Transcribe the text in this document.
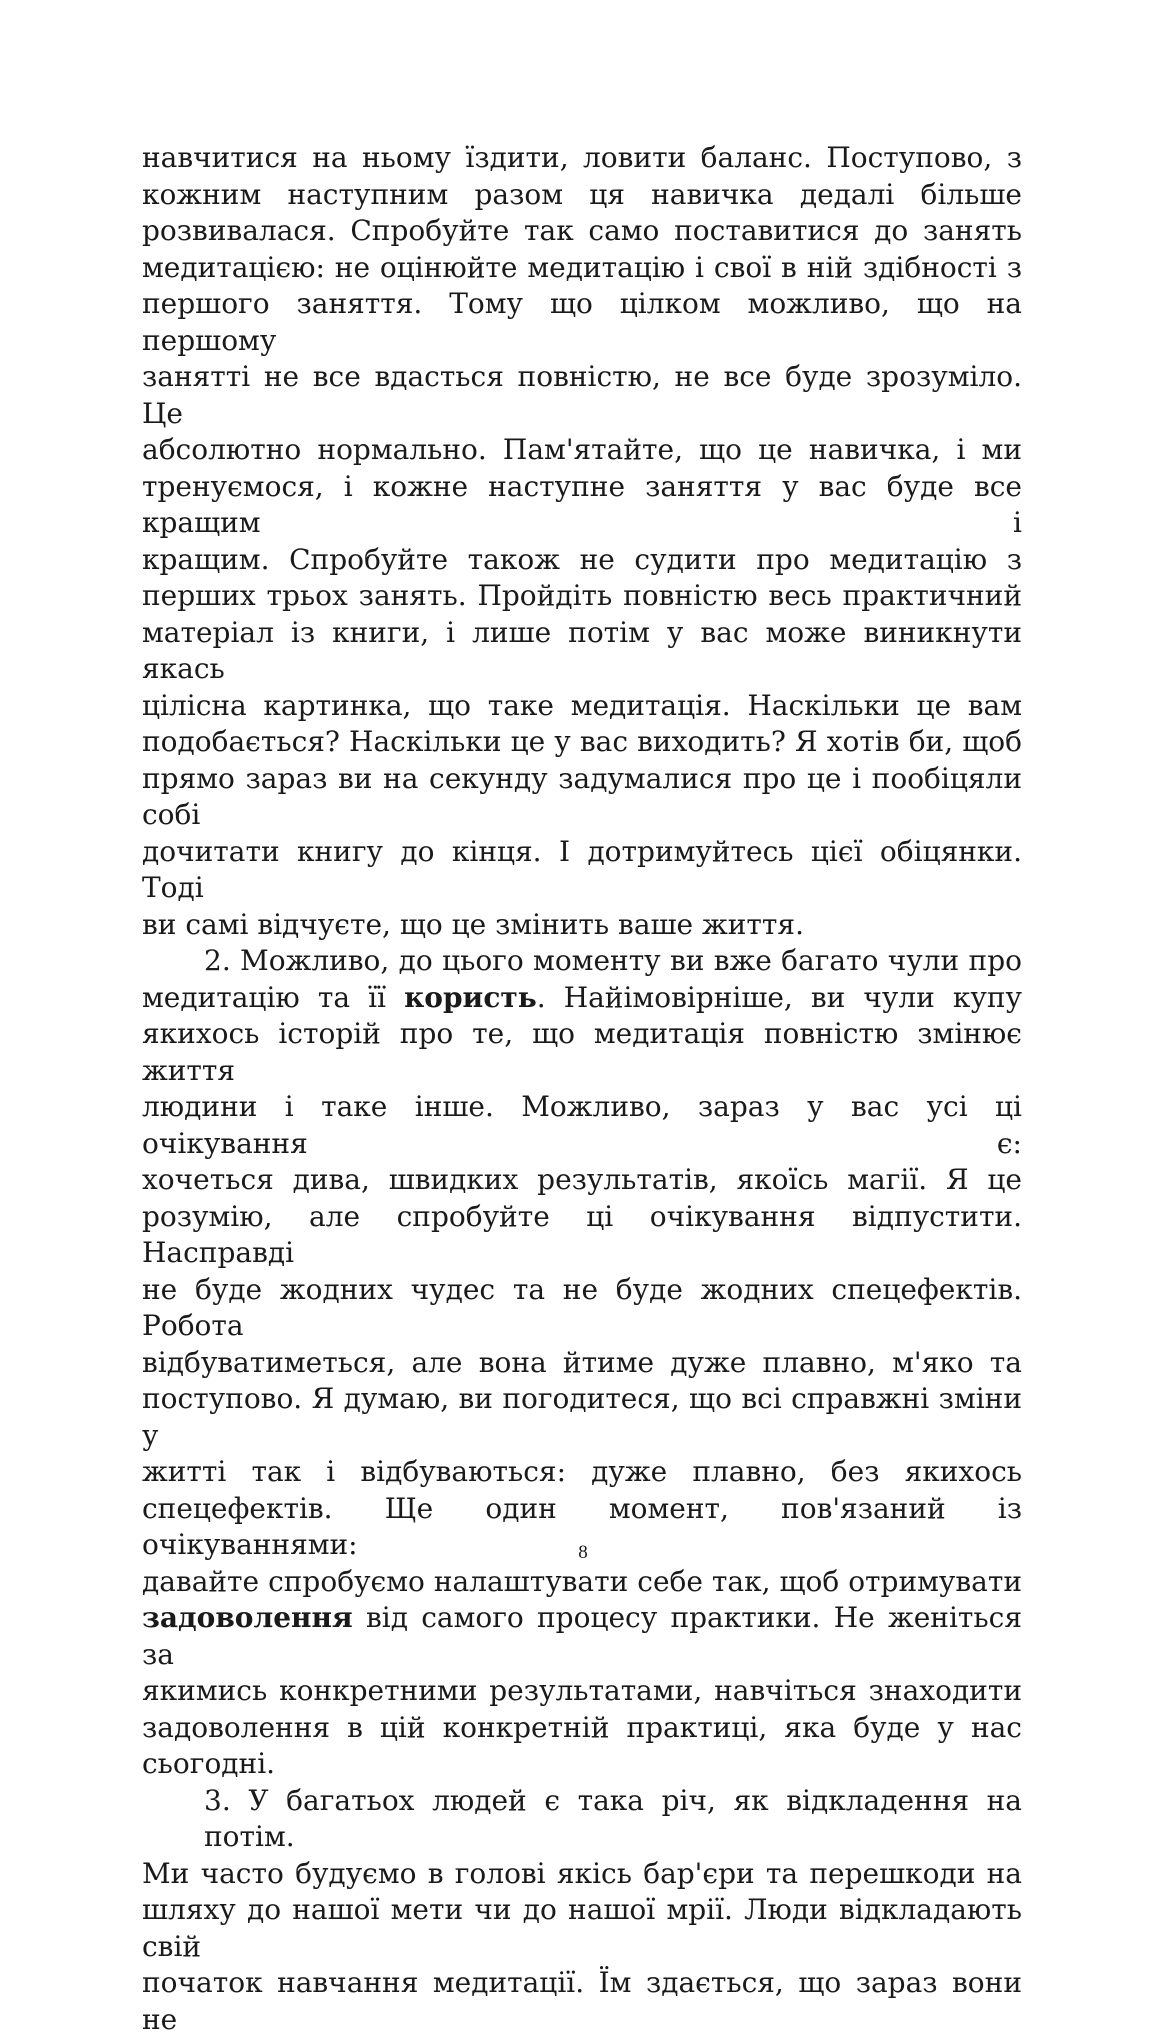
навчитися на ньому їздити, ловити баланс. Поступово, з
кожним наступним разом ця навичка дедалі більше
розвивалася. Спробуйте так само поставитися до занять
медитацією: не оцінюйте медитацію і свої в ній здібності з
першого заняття. Тому що цілком можливо, що на першому
занятті не все вдасться повністю, не все буде зрозуміло. Це
абсолютно нормально. Пам'ятайте, що це навичка, і ми
тренуємося, і кожне наступне заняття у вас буде все кращим і
кращим. Спробуйте також не судити про медитацію з
перших трьох занять. Пройдіть повністю весь практичний
матеріал із книги, і лише потім у вас може виникнути якась
цілісна картинка, що таке медитація. Наскільки це вам
подобається? Наскільки це у вас виходить? Я хотів би, щоб
прямо зараз ви на секунду задумалися про це і пообіцяли собі
дочитати книгу до кінця. І дотримуйтесь цієї обіцянки. Тоді
ви самі відчуєте, що це змінить ваше життя.

2. Можливо, до цього моменту ви вже багато чули про
медитацію та її користь. Найімовірніше, ви чули купу
якихось історій про те, що медитація повністю змінює життя
людини і таке інше. Можливо, зараз у вас усі ці очікування є:
хочеться дива, швидких результатів, якоїсь магії. Я це
розумію, але спробуйте ці очікування відпустити. Насправді
не буде жодних чудес та не буде жодних спецефектів. Робота
відбуватиметься, але вона йтиме дуже плавно, м'яко та
поступово. Я думаю, ви погодитеся, що всі справжні зміни у
житті так і відбуваються: дуже плавно, без якихось
спецефектів. Ще один момент, пов'язаний із очікуваннями:
давайте спробуємо налаштувати себе так, щоб отримувати
задоволення від самого процесу практики. Не женіться за
якимись конкретними результатами, навчіться знаходити
задоволення в цій конкретній практиці, яка буде у нас
сьогодні.

3. У багатьох людей є така річ, як відкладення на потім.
Ми часто будуємо в голові якісь бар'єри та перешкоди на
шляху до нашої мети чи до нашої мрії. Люди відкладають свій
початок навчання медитації. Їм здається, що зараз вони не

8
